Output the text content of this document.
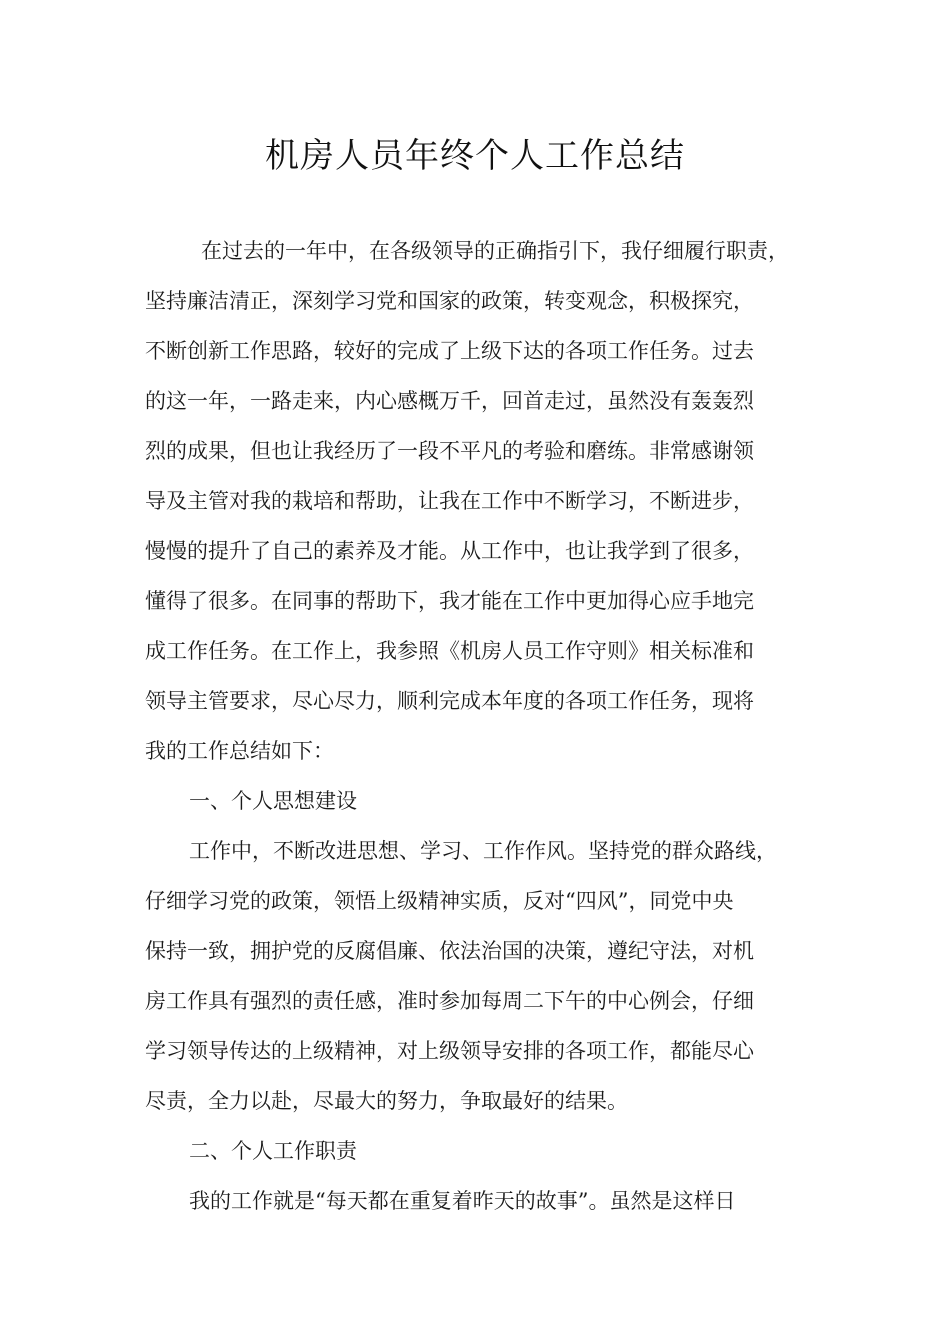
机房人员年终个人工作总结
在过去的一年中，在各级领导的正确指引下，我仔细履行职责，
坚持廉洁清正，深刻学习党和国家的政策，转变观念，积极探究，
不断创新工作思路，较好的完成了上级下达的各项工作任务。过去
的这一年，一路走来，内心感概万千，回首走过，虽然没有轰轰烈
烈的成果，但也让我经历了一段不平凡的考验和磨练。非常感谢领
导及主管对我的栽培和帮助，让我在工作中不断学习，不断进步，
慢慢的提升了自己的素养及才能。从工作中，也让我学到了很多，
懂得了很多。在同事的帮助下，我才能在工作中更加得心应手地完
成工作任务。在工作上，我参照《机房人员工作守则》相关标准和
领导主管要求，尽心尽力，顺利完成本年度的各项工作任务，现将
我的工作总结如下：
一、个人思想建设
工作中，不断改进思想、学习、工作作风。坚持党的群众路线，
仔细学习党的政策，领悟上级精神实质，反对“四风”，同党中央
保持一致，拥护党的反腐倡廉、依法治国的决策，遵纪守法，对机
房工作具有强烈的责任感，准时参加每周二下午的中心例会，仔细
学习领导传达的上级精神，对上级领导安排的各项工作，都能尽心
尽责，全力以赴，尽最大的努力，争取最好的结果。
二、个人工作职责
我的工作就是“每天都在重复着昨天的故事”。虽然是这样日
